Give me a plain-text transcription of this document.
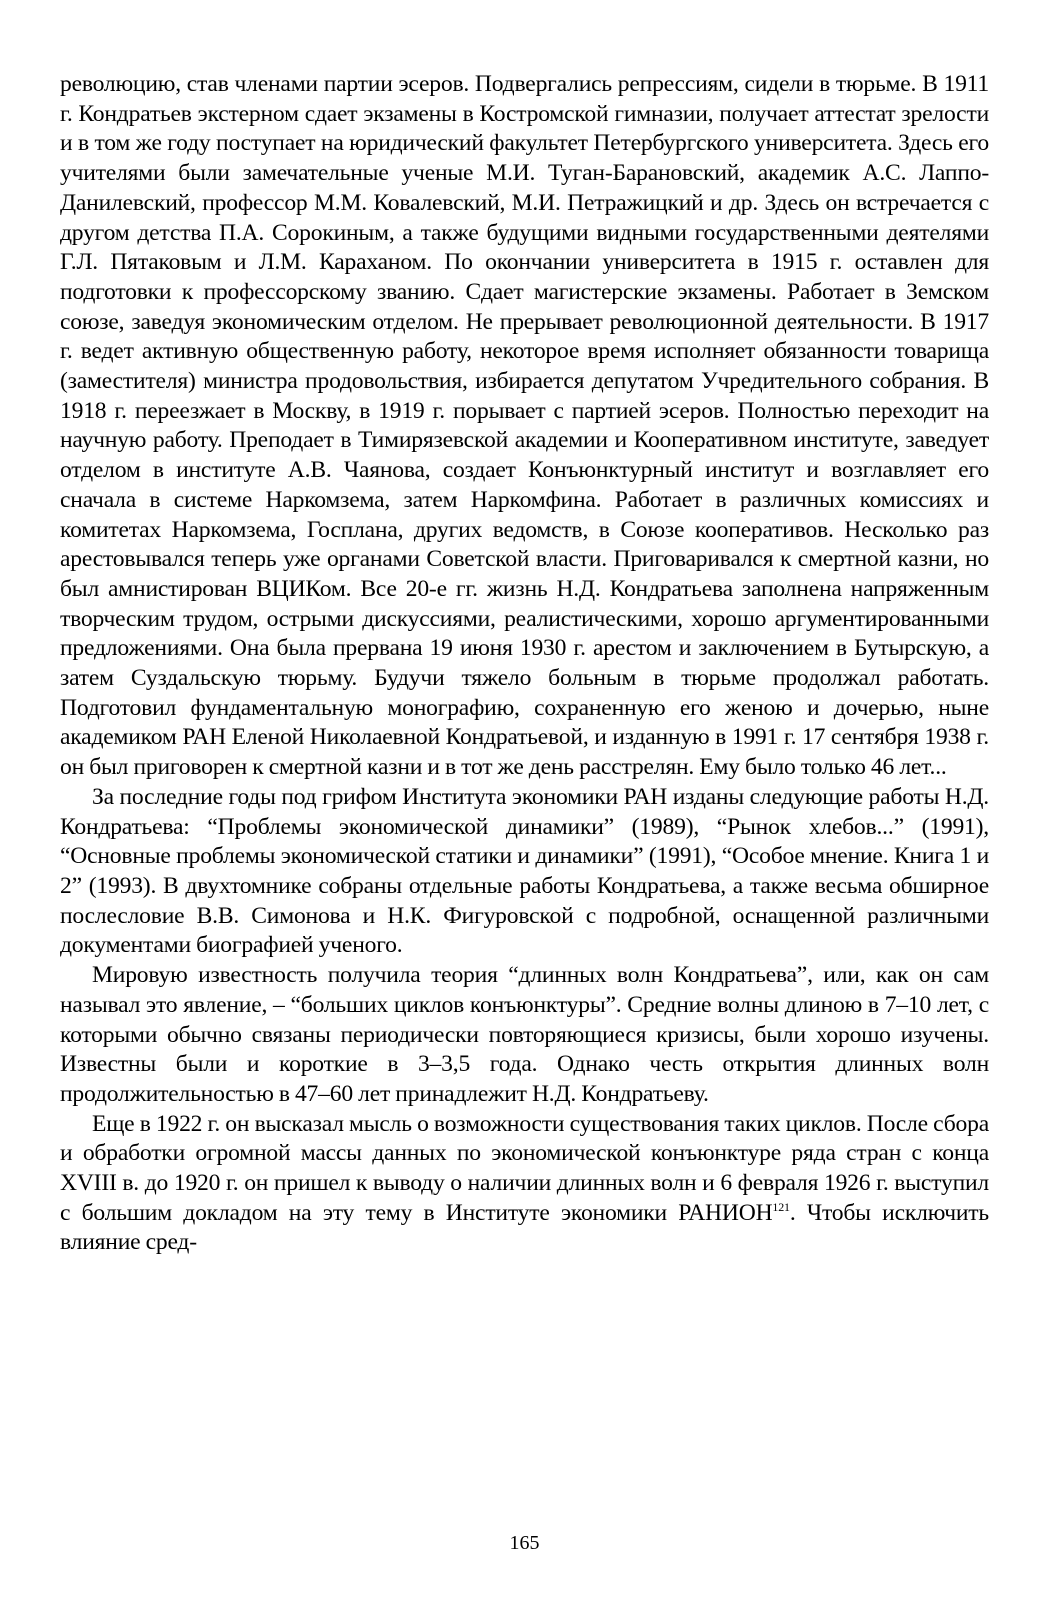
революцию, став членами партии эсеров. Подвергались репрессиям, сидели в тюрьме. В 1911 г. Кондратьев экстерном сдает экзамены в Костромской гимназии, получает аттестат зрелости и в том же году поступает на юридический факультет Петербургского университета. Здесь его учителями были замечательные ученые М.И. Туган-Барановский, академик А.С. Лаппо-Данилевский, профессор М.М. Ковалевский, М.И. Петражицкий и др. Здесь он встречается с другом детства П.А. Сорокиным, а также будущими видными государственными деятелями Г.Л. Пятаковым и Л.М. Караханом. По окончании университета в 1915 г. оставлен для подготовки к профессорскому званию. Сдает магистерские экзамены. Работает в Земском союзе, заведуя экономическим отделом. Не прерывает революционной деятельности. В 1917 г. ведет активную общественную работу, некоторое время исполняет обязанности товарища (заместителя) министра продовольствия, избирается депутатом Учредительного собрания. В 1918 г. переезжает в Москву, в 1919 г. порывает с партией эсеров. Полностью переходит на научную работу. Преподает в Тимирязевской академии и Кооперативном институте, заведует отделом в институте А.В. Чаянова, создает Конъюнктурный институт и возглавляет его сначала в системе Наркомзема, затем Наркомфина. Работает в различных комиссиях и комитетах Наркомзема, Госплана, других ведомств, в Союзе кооперативов. Несколько раз арестовывался теперь уже органами Советской власти. Приговаривался к смертной казни, но был амнистирован ВЦИКом. Все 20-е гг. жизнь Н.Д. Кондратьева заполнена напряженным творческим трудом, острыми дискуссиями, реалистическими, хорошо аргументированными предложениями. Она была прервана 19 июня 1930 г. арестом и заключением в Бутырскую, а затем Суздальскую тюрьму. Будучи тяжело больным в тюрьме продолжал работать. Подготовил фундаментальную монографию, сохраненную его женою и дочерью, ныне академиком РАН Еленой Николаевной Кондратьевой, и изданную в 1991 г. 17 сентября 1938 г. он был приговорен к смертной казни и в тот же день расстрелян. Ему было только 46 лет...

За последние годы под грифом Института экономики РАН изданы следующие работы Н.Д. Кондратьева: “Проблемы экономической динамики” (1989), “Рынок хлебов...” (1991), “Основные проблемы экономической статики и динамики” (1991), “Особое мнение. Книга 1 и 2” (1993). В двухтомнике собраны отдельные работы Кондратьева, а также весьма обширное послесловие В.В. Симонова и Н.К. Фигуровской с подробной, оснащенной различными документами биографией ученого.

Мировую известность получила теория “длинных волн Кондратьева”, или, как он сам называл это явление, – “больших циклов конъюнктуры”. Средние волны длиною в 7–10 лет, с которыми обычно связаны периодически повторяющиеся кризисы, были хорошо изучены. Известны были и короткие в 3–3,5 года. Однако честь открытия длинных волн продолжительностью в 47–60 лет принадлежит Н.Д. Кондратьеву.

Еще в 1922 г. он высказал мысль о возможности существования таких циклов. После сбора и обработки огромной массы данных по экономической конъюнктуре ряда стран с конца XVIII в. до 1920 г. он пришел к выводу о наличии длинных волн и 6 февраля 1926 г. выступил с большим докладом на эту тему в Институте экономики РАНИОН$^{121}$. Чтобы исключить влияние сред-

165
